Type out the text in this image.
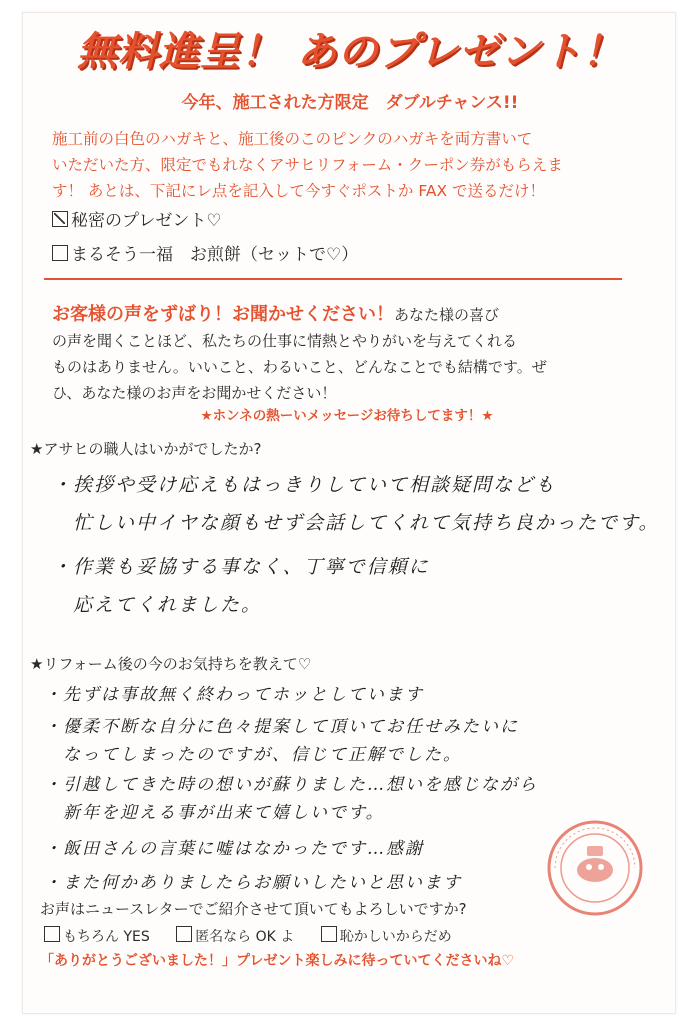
無料進呈！ あのプレゼント！
今年、施工された方限定　ダブルチャンス!!

施工前の白色のハガキと、施工後のこのピンクのハガキを両方書いて

いただいた方、限定でもれなくアサヒリフォーム・クーポン券がもらえま

す！ あとは、下記にレ点を記入して今すぐポストか FAX で送るだけ！

秘密のプレゼント♡
まるそう一福　お煎餅（セットで♡）

お客様の声をずばり！お聞かせください！あなた様の喜び

の声を聞くことほど、私たちの仕事に情熱とやりがいを与えてくれる

ものはありません。いいこと、わるいこと、どんなことでも結構です。ぜ

ひ、あなた様のお声をお聞かせください！

★ホンネの熱ーいメッセージお待ちしてます！★
★アサヒの職人はいかがでしたか?
・挨拶や受け応えもはっきりしていて相談疑問なども
　忙しい中イヤな顔もせず会話してくれて気持ち良かったです。
・作業も妥協する事なく、丁寧で信頼に
　応えてくれました。
★リフォーム後の今のお気持ちを教えて♡
・先ずは事故無く終わってホッとしています
・優柔不断な自分に色々提案して頂いてお任せみたいに
　なってしまったのですが、信じて正解でした。
・引越してきた時の想いが蘇りました…想いを感じながら
　新年を迎える事が出来て嬉しいです。
・飯田さんの言葉に嘘はなかったです…感謝
・また何かありましたらお願いしたいと思います
お声はニュースレターでご紹介させて頂いてもよろしいですか?
もちろん YES	匿名なら OK よ	恥かしいからだめ
「ありがとうございました！」プレゼント楽しみに待っていてくださいね♡
